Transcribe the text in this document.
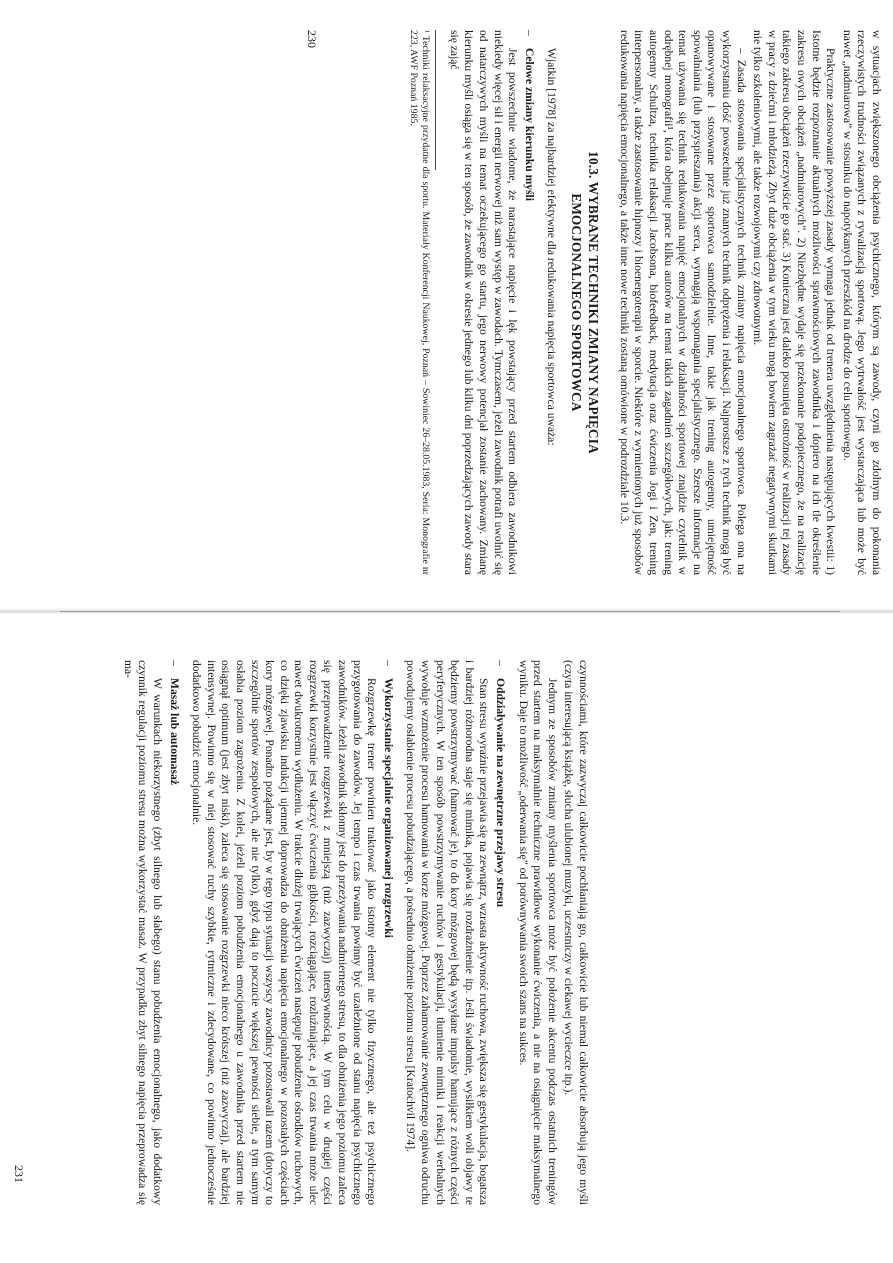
w sytuacjach zwiększonego obciążenia psychicznego, którym są zawody, czyni go zdolnym do pokonania rzeczywistych trudności związanych z rywalizacją sportową. Jego wytrwałość jest wystarczająca lub może być nawet „nadmiarowa” w stosunku do napotykanych przeszkód na drodze do celu sportowego.

Praktyczne zastosowanie powyższej zasady wymaga jednak od trenera uwzględnienia następujących kwestii: 1) Istotne będzie rozpoznanie aktualnych możliwości sprawnościowych zawodnika i dopiero na ich tle określenie zakresu owych obciążeń „nadmiarowych”. 2) Niezbędne wydaje się przekonanie podopiecznego, że na realizację takiego zakresu obciążeń rzeczywiście go stać. 3) Konieczna jest daleko posunięta ostrożność w realizacji tej zasady w pracy z dziećmi i młodzieżą. Zbyt duże obciążenia w tym wieku mogą bowiem zagrażać negatywnymi skutkami nie tylko szkoleniowymi, ale także rozwojowymi czy zdrowotnymi.

– Zasada stosowania specjalistycznych technik zmiany napięcia emocjonalnego sportowca. Polega ona na wykorzystaniu dość powszechnie już znanych technik odprężenia i relaksacji. Najprostsze z tych technik mogą być opanowywane i stosowane przez sportowca samodzielnie. Inne, takie jak trening autogenny, umiejętność spowalniania (lub przyspieszania) akcji serca, wymagają wspomagania specjalistycznego. Szersze informacje na temat używania się technik redukowania napięć emocjonalnych w działalności sportowej znajdzie czytelnik w odrębnej monografii¹, która obejmuje prace kilku autorów na temat takich zagadnień szczegółowych, jak: trening autogenny Schultza, technika relaksacji Jacobsona, biofeedback, medytacja oraz ćwiczenia Jogi i Zen, trening interpersonalny, a także zastosowanie hipnozy i bioenergoterapii w sporcie. Niektóre z wymienionych już sposobów redukowania napięcia emocjonalnego, a także inne nowe techniki zostaną omówione w podrozdziale 10.3.

10.3. WYBRANE TECHNIKI ZMIANY NAPIĘCIA
EMOCJONALNEGO SPORTOWCA

Wjatkin [1978] za najbardziej efektywne dla redukowania napięcia sportowca uważa:

–Celowe zmiany kierunku myśli

Jest powszechnie wiadome, że narastające napięcie i lęk powstający przed startem odbiera zawodnikowi niekiedy więcej sił i energii nerwowej niż sam występ w zawodach. Tymczasem, jeżeli zawodnik potrafi uwolnić się od natarczywych myśli na temat oczekującego go startu, jego nerwowy potencjał zostanie zachowany. Zmianę kierunku myśli osiąga się w ten sposób, że zawodnik w okresie jednego lub kilku dni poprzedzających zawody stara się zająć

¹ Techniki relaksacyjne przydatne dla sportu. Materiały Konferencji Naukowej, Poznań – Sowiniec 26–28.05.1983, Seria: Monografie nr 223, AWF Poznań 1985.

230

czynnościami, które zazwyczaj całkowicie pochłaniają go, całkowicie lub niemal całkowicie absorbują jego myśli (czyta interesującą książkę, słucha ulubionej muzyki, uczestniczy w ciekawej wycieczce itp.).

Jednym ze sposobów zmiany myślenia sportowca może być położenie akcentu podczas ostatnich treningów przed startem na maksymalnie techniczne prawidłowe wykonanie ćwiczenia, a nie na osiągnięcie maksymalnego wyniku. Daje to możliwość „oderwania się” od porównywania swoich szans na sukces.

–Oddziaływanie na zewnętrzne przejawy stresu

Stan stresu wyraźnie przejawia się na zewnątrz, wzrasta aktywność ruchowa, zwiększa się gestykulacja, bogatsza i bardziej różnorodna staje się mimika, pojawia się rozdrażnienie itp. Jeśli świadomie, wysiłkiem woli objawy te będziemy powstrzymywać (hamować je), to do kory mózgowej będą wysyłane impulsy hamujące z różnych części peryferycznych. W ten sposób powstrzymywanie ruchów i gestykulacji, tłumienie mimiki i reakcji werbalnych wywołuje wzmożenie procesu hamowania w korze mózgowej. Poprzez zahamowanie zewnętrznego ogniwa odruchu powodujemy osłabienie procesu pobudzającego, a pośrednio obniżenie poziomu stresu [Kratochvil 1974].

–Wykorzystanie specjalnie organizowanej rozgrzewki

Rozgrzewkę trener powinien traktować jako istotny element nie tylko fizycznego, ale też psychicznego przygotowania do zawodów. Jej tempo i czas trwania powinny być uzależnione od stanu napięcia psychicznego zawodników. Jeżeli zawodnik skłonny jest do przeżywania nadmiernego stresu, to dla obniżenia jego poziomu zaleca się przeprowadzenie rozgrzewki z mniejszą (niż zazwyczaj) intensywnością. W tym celu w drugiej części rozgrzewki korzystnie jest włączyć ćwiczenia gibkości, rozciągające, rozluźniające, a jej czas trwania może ulec nawet dwukrotnemu wydłużeniu. W trakcie dłużej trwających ćwiczeń następuje pobudzenie ośrodków ruchowych, co dzięki zjawisku indukcji ujemnej doprowadza do obniżenia napięcia emocjonalnego w pozostałych częściach kory mózgowej. Ponadto pożądane jest, by w tego typu sytuacji wszyscy zawodnicy pozostawali razem (dotyczy to szczególnie sportów zespołowych, ale nie tylko), gdyż dają to poczucie większej pewności siebie, a tym samym osłabia poziom zagrożenia. Z kolei, jeżeli poziom pobudzenia emocjonalnego u zawodnika przed startem nie osiągnął optimum (jest zbyt niski), zaleca się stosowanie rozgrzewki nieco krótszej (niż zazwyczaj), ale bardziej intensywnej. Powinno się w niej stosować ruchy szybkie, rytmiczne i zdecydowane, co powinno jednocześnie dodatkowo pobudzić emocjonalnie.

–Masaż lub automasaż

W warunkach niekorzystnego (zbyt silnego lub słabego) stanu pobudzenia emocjonalnego, jako dodatkowy czynnik regulacji poziomu stresu można wykorzystać masaż. W przypadku zbyt silnego napięcia przeprowadza się ma-

231
